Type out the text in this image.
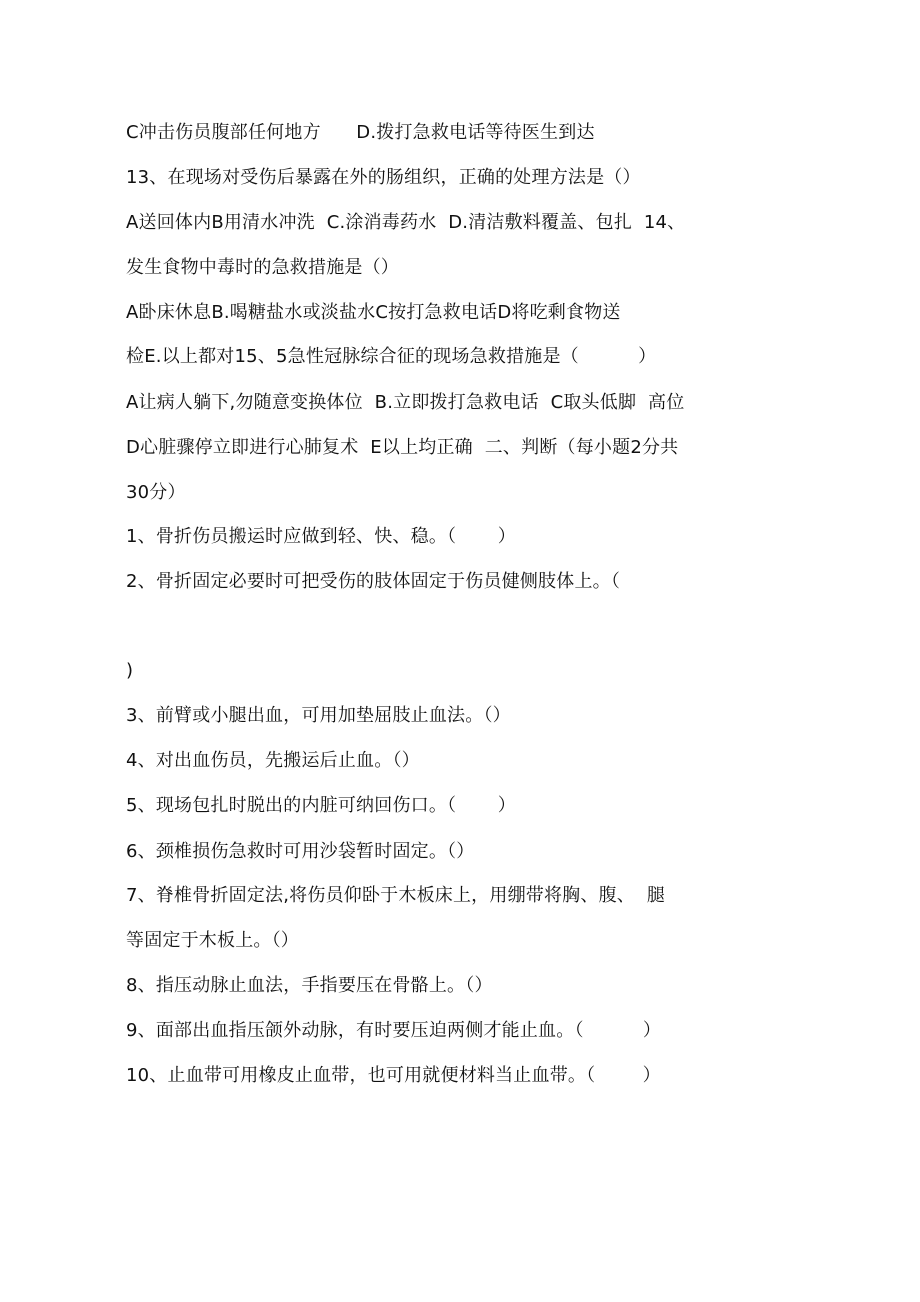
C冲击伤员腹部任何地方      D.拨打急救电话等待医生到达
13、在现场对受伤后暴露在外的肠组织，正确的处理方法是（）
A送回体内B用清水冲洗  C.涂消毒药水  D.清洁敷料覆盖、包扎  14、
发生食物中毒时的急救措施是（）
A卧床休息B.喝糖盐水或淡盐水C按打急救电话D将吃剩食物送
检E.以上都对15、5急性冠脉综合征的现场急救措施是（          ）
A让病人躺下,勿随意变换体位  B.立即拨打急救电话  C取头低脚  高位
D心脏骤停立即进行心肺复术  E以上均正确  二、判断（每小题2分共
30分）
1、骨折伤员搬运时应做到轻、快、稳。（       ）
2、骨折固定必要时可把受伤的肢体固定于伤员健侧肢体上。（
)
3、前臂或小腿出血，可用加垫屈肢止血法。（）
4、对出血伤员，先搬运后止血。（）
5、现场包扎时脱出的内脏可纳回伤口。（       ）
6、颈椎损伤急救时可用沙袋暂时固定。（）
7、脊椎骨折固定法,将伤员仰卧于木板床上，用绷带将胸、腹、  腿
等固定于木板上。（）
8、指压动脉止血法，手指要压在骨骼上。（）
9、面部出血指压颌外动脉，有时要压迫两侧才能止血。（          ）
10、止血带可用橡皮止血带，也可用就便材料当止血带。（        ）
